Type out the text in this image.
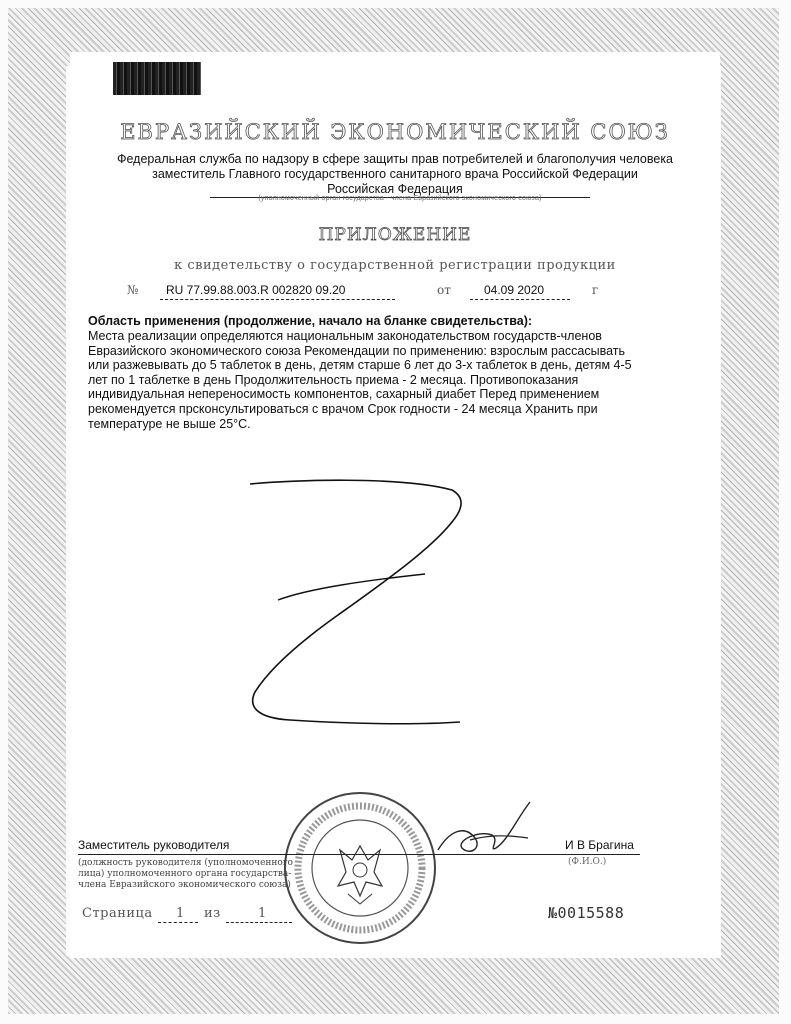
ЕВРАЗИЙСКИЙ ЭКОНОМИЧЕСКИЙ СОЮЗ
Федеральная служба по надзору в сфере защиты прав потребителей и благополучия человека
заместитель Главного государственного санитарного врача Российской Федерации
Российская Федерация
(уполномоченный орган государства - члена Евразийского экономического союза)
ПРИЛОЖЕНИЕ
к свидетельству о государственной регистрации продукции
№ RU 77.99.88.003.R 002820 09.20	от	04.09 2020	г
Область применения (продолжение, начало на бланке свидетельства):
Места реализации определяются национальным законодательством государств-членов Евразийского экономического союза Рекомендации по применению: взрослым рассасывать или разжевывать до 5 таблеток в день, детям старше 6 лет до 3-х таблеток в день, детям 4-5 лет по 1 таблетке в день Продолжительность приема - 2 месяца. Противопоказания индивидуальная непереносимость компонентов, сахарный диабет Перед применением рекомендуется прсконсультироваться с врачом Срок годности - 24 месяца Хранить при температуре не выше 25°С.
Заместитель руководителя	И В Брагина
(должность руководителя (уполномоченного
лица) уполномоченного органа государства-
члена Евразийского экономического союза)
(Ф.И.О.)
Страница 1 из	1	№0015588
